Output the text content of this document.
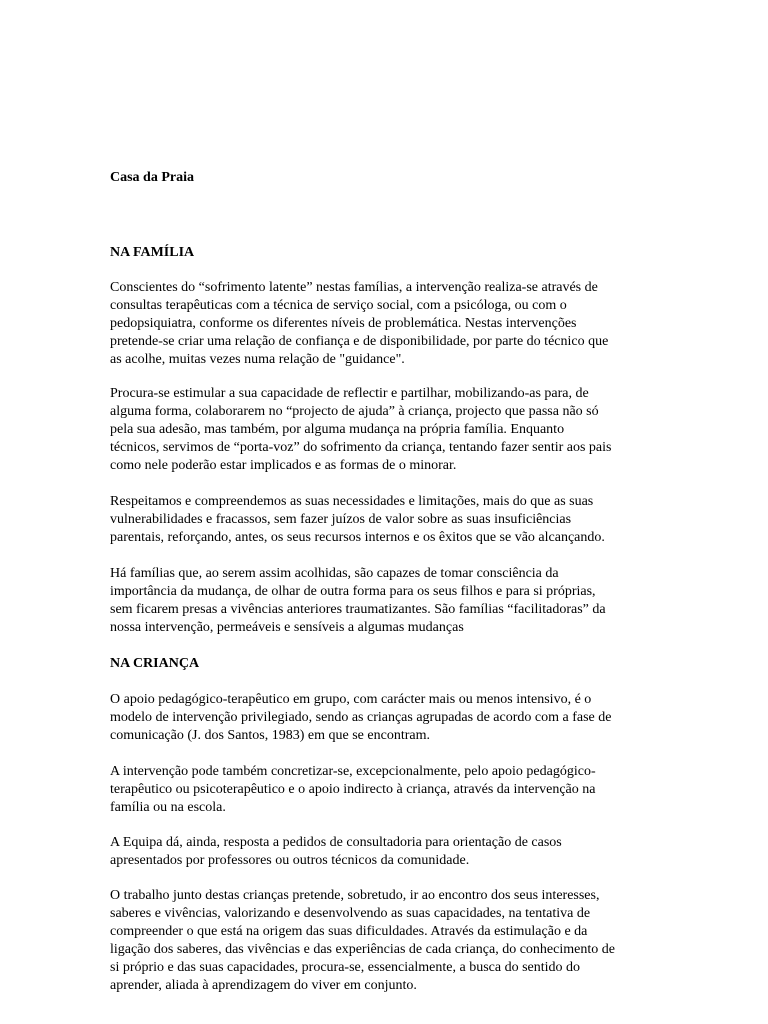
Casa da Praia
NA FAMÍLIA
Conscientes do “sofrimento latente” nestas famílias, a intervenção realiza-se através de
consultas terapêuticas com a técnica de serviço social, com a psicóloga, ou com o
pedopsiquiatra, conforme os diferentes níveis de problemática. Nestas intervenções
pretende-se criar uma relação de confiança e de disponibilidade, por parte do técnico que
as acolhe, muitas vezes numa relação de "guidance".
Procura-se estimular a sua capacidade de reflectir e partilhar, mobilizando-as para, de
alguma forma, colaborarem no “projecto de ajuda” à criança, projecto que passa não só
pela sua adesão, mas também, por alguma mudança na própria família. Enquanto
técnicos, servimos de “porta-voz” do sofrimento da criança, tentando fazer sentir aos pais
como nele poderão estar implicados e as formas de o minorar.
Respeitamos e compreendemos as suas necessidades e limitações, mais do que as suas
vulnerabilidades e fracassos, sem fazer juízos de valor sobre as suas insuficiências
parentais, reforçando, antes, os seus recursos internos e os êxitos que se vão alcançando.
Há famílias que, ao serem assim acolhidas, são capazes de tomar consciência da
importância da mudança, de olhar de outra forma para os seus filhos e para si próprias,
sem ficarem presas a vivências anteriores traumatizantes. São famílias “facilitadoras” da
nossa intervenção, permeáveis e sensíveis a algumas mudanças
NA CRIANÇA
O apoio pedagógico-terapêutico em grupo, com carácter mais ou menos intensivo, é o
modelo de intervenção privilegiado, sendo as crianças agrupadas de acordo com a fase de
comunicação (J. dos Santos, 1983) em que se encontram.
A intervenção pode também concretizar-se, excepcionalmente, pelo apoio pedagógico-
terapêutico ou psicoterapêutico e o apoio indirecto à criança, através da intervenção na
família ou na escola.
A Equipa dá, ainda, resposta a pedidos de consultadoria para orientação de casos
apresentados por professores ou outros técnicos da comunidade.
O trabalho junto destas crianças pretende, sobretudo, ir ao encontro dos seus interesses,
saberes e vivências, valorizando e desenvolvendo as suas capacidades, na tentativa de
compreender o que está na origem das suas dificuldades. Através da estimulação e da
ligação dos saberes, das vivências e das experiências de cada criança, do conhecimento de
si próprio e das suas capacidades, procura-se, essencialmente, a busca do sentido do
aprender, aliada à aprendizagem do viver em conjunto.
